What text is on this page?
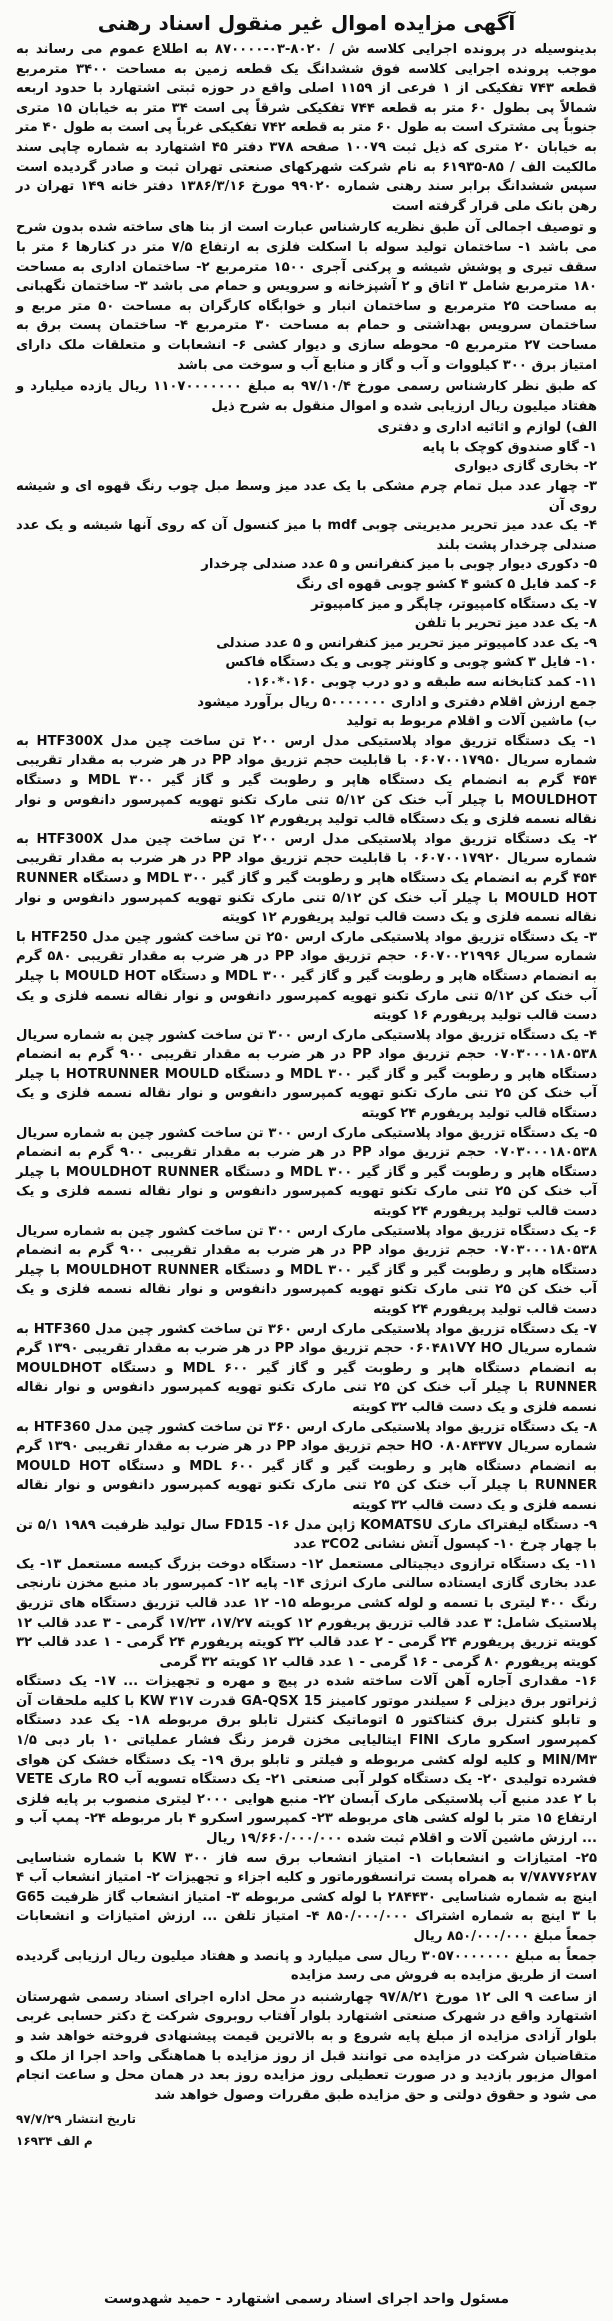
آگهی مزایده اموال غیر منقول اسناد رهنی

بدینوسیله در پرونده اجرایی کلاسه ش / ۸۰۲۰-۰۳-۸۷۰۰۰۰ به اطلاع عموم می رساند به موجب پرونده اجرایی کلاسه فوق ششدانگ یک قطعه زمین به مساحت ۳۴۰۰ مترمربع قطعه ۷۴۳ تفکیکی از ۱ فرعی از ۱۱۵۹ اصلی واقع در حوزه ثبتی اشتهارد با حدود اربعه شمالاً پی بطول ۶۰ متر به قطعه ۷۴۴ تفکیکی شرقاً پی است ۳۴ متر به خیابان ۱۵ متری جنوباً پی مشترک است به طول ۶۰ متر به قطعه ۷۴۲ تفکیکی غرباً پی است به طول ۴۰ متر به خیابان ۲۰ متری که ذیل ثبت ۱۰۰۷۹ صفحه ۳۷۸ دفتر ۴۵ اشتهارد به شماره چاپی سند مالکیت الف / ۸۵-۶۱۹۳۵ به نام شرکت شهرکهای صنعتی تهران ثبت و صادر گردیده است سپس ششدانگ برابر سند رهنی شماره ۹۹۰۲۰ مورخ ۱۳۸۶/۳/۱۶ دفتر خانه ۱۴۹ تهران در رهن بانک ملی قرار گرفته است

و توصیف اجمالی آن طبق نظریه کارشناس عبارت است از بنا های ساخته شده بدون شرح می باشد ۱- ساختمان تولید سوله با اسکلت فلزی به ارتفاع ۷/۵ متر در کنارها ۶ متر با سقف تیری و پوشش شیشه و پرکنی آجری ۱۵۰۰ مترمربع ۲- ساختمان اداری به مساحت ۱۸۰ مترمربع شامل ۳ اتاق و ۲ آشپزخانه و سرویس و حمام می باشد ۳- ساختمان نگهبانی به مساحت ۲۵ مترمربع و ساختمان انبار و خوابگاه کارگران به مساحت ۵۰ متر مربع و ساختمان سرویس بهداشتی و حمام به مساحت ۳۰ مترمربع ۴- ساختمان پست برق به مساحت ۲۷ مترمربع ۵- محوطه سازی و دیوار کشی ۶- انشعابات و متعلقات ملک دارای امتیاز برق ۳۰۰ کیلووات و آب و گاز و منابع آب و سوخت می باشد

که طبق نظر کارشناس رسمی مورخ ۹۷/۱۰/۴ به مبلغ ۱۱۰۷۰۰۰۰۰۰۰ ریال یازده میلیارد و هفتاد میلیون ریال ارزیابی شده و اموال منقول به شرح ذیل

الف) لوازم و اثاثیه اداری و دفتری
۱- گاو صندوق کوچک با پایه
۲- بخاری گازی دیواری
۳- چهار عدد مبل تمام چرم مشکی با یک عدد میز وسط مبل چوب رنگ قهوه ای و شیشه روی آن
۴- یک عدد میز تحریر مدیریتی چوبی mdf با میز کنسول آن که روی آنها شیشه و یک عدد صندلی چرخدار پشت بلند
۵- دکوری دیوار چوبی با میز کنفرانس و ۵ عدد صندلی چرخدار
۶- کمد فایل ۵ کشو ۴ کشو چوبی قهوه ای رنگ
۷- یک دستگاه کامپیوتر، چاپگر و میز کامپیوتر
۸- یک عدد میز تحریر با تلفن
۹- یک عدد کامپیوتر میز تحریر میز کنفرانس و ۵ عدد صندلی
۱۰- فایل ۳ کشو چوبی و کاونتر چوبی و یک دستگاه فاکس
۱۱- کمد کتابخانه سه طبقه و دو درب چوبی ۰۱۶۰*۰۱۶۰
جمع ارزش اقلام دفتری و اداری ۵۰۰۰۰۰۰۰ ریال برآورد میشود
ب) ماشین آلات و اقلام مربوط به تولید
۱- یک دستگاه تزریق مواد پلاستیکی مدل ارس ۲۰۰ تن ساخت چین مدل HTF300X به شماره سریال ۰۶۰۷۰۰۱۷۹۵۰ با قابلیت حجم تزریق مواد PP در هر ضرب به مقدار تقریبی ۴۵۴ گرم به انضمام یک دستگاه هاپر و رطوبت گیر و گاز گیر MDL ۳۰۰ و دستگاه MOULDHOT با چیلر آب خنک کن ۵/۱۲ تنی مارک تکنو تهویه کمپرسور دانفوس و نوار نقاله نسمه فلزی و یک دستگاه قالب تولید پریفورم ۱۲ کویته
۲- یک دستگاه تزریق مواد پلاستیکی مدل ارس ۲۰۰ تن ساخت چین مدل HTF300X به شماره سریال ۰۶۰۷۰۰۱۷۹۲۰ با قابلیت حجم تزریق مواد PP در هر ضرب به مقدار تقریبی ۴۵۴ گرم به انضمام یک دستگاه هاپر و رطوبت گیر و گاز گیر MDL ۳۰۰ و دستگاه RUNNER MOULD HOT با چیلر آب خنک کن ۵/۱۲ تنی مارک تکنو تهویه کمپرسور دانفوس و نوار نقاله نسمه فلزی و یک دست قالب تولید پریفورم ۱۲ کویته
۳- یک دستگاه تزریق مواد پلاستیکی مارک ارس ۲۵۰ تن ساخت کشور چین مدل HTF250 با شماره سریال ۰۶۰۷۰۰۲۱۹۹۶ حجم تزریق مواد PP در هر ضرب به مقدار تقریبی ۵۸۰ گرم به انضمام دستگاه هاپر و رطوبت گیر و گاز گیر MDL ۳۰۰ و دستگاه MOULD HOT با چیلر آب خنک کن ۵/۱۲ تنی مارک تکنو تهویه کمپرسور دانفوس و نوار نقاله نسمه فلزی و یک دست قالب تولید پریفورم ۱۶ کویته
۴- یک دستگاه تزریق مواد پلاستیکی مارک ارس ۳۰۰ تن ساخت کشور چین به شماره سریال ۰۷۰۳۰۰۰۱۸۰۵۳۸ حجم تزریق مواد PP در هر ضرب به مقدار تقریبی ۹۰۰ گرم به انضمام دستگاه هاپر و رطوبت گیر و گاز گیر MDL ۳۰۰ و دستگاه HOTRUNNER MOULD با چیلر آب خنک کن ۲۵ تنی مارک تکنو تهویه کمپرسور دانفوس و نوار نقاله نسمه فلزی و یک دستگاه قالب تولید پریفورم ۲۴ کویته
۵- یک دستگاه تزریق مواد پلاستیکی مارک ارس ۳۰۰ تن ساخت کشور چین به شماره سریال ۰۷۰۳۰۰۰۱۸۰۵۳۸ حجم تزریق مواد PP در هر ضرب به مقدار تقریبی ۹۰۰ گرم به انضمام دستگاه هاپر و رطوبت گیر و گاز گیر MDL ۳۰۰ و دستگاه MOULDHOT RUNNER با چیلر آب خنک کن ۲۵ تنی مارک تکنو تهویه کمپرسور دانفوس و نوار نقاله نسمه فلزی و یک دست قالب تولید پریفورم ۲۴ کویته
۶- یک دستگاه تزریق مواد پلاستیکی مارک ارس ۳۰۰ تن ساخت کشور چین به شماره سریال ۰۷۰۳۰۰۰۱۸۰۵۳۸ حجم تزریق مواد PP در هر ضرب به مقدار تقریبی ۹۰۰ گرم به انضمام دستگاه هاپر و رطوبت گیر و گاز گیر MDL ۳۰۰ و دستگاه MOULDHOT RUNNER با چیلر آب خنک کن ۲۵ تنی مارک تکنو تهویه کمپرسور دانفوس و نوار نقاله نسمه فلزی و یک دست قالب تولید پریفورم ۲۴ کویته
۷- یک دستگاه تزریق مواد پلاستیکی مارک ارس ۳۶۰ تن ساخت کشور چین مدل HTF360 به شماره سریال ۰۶۰۴۸۱VY HO حجم تزریق مواد PP در هر ضرب به مقدار تقریبی ۱۳۹۰ گرم به انضمام دستگاه هاپر و رطوبت گیر و گاز گیر MDL ۶۰۰ و دستگاه MOULDHOT RUNNER با چیلر آب خنک کن ۲۵ تنی مارک تکنو تهویه کمپرسور دانفوس و نوار نقاله نسمه فلزی و یک دست قالب ۳۲ کویته
۸- یک دستگاه تزریق مواد پلاستیکی مارک ارس ۳۶۰ تن ساخت کشور چین مدل HTF360 به شماره سریال ۰۸۰۸۴۳۷۷ HO حجم تزریق مواد PP در هر ضرب به مقدار تقریبی ۱۳۹۰ گرم به انضمام دستگاه هاپر و رطوبت گیر و گاز گیر MDL ۶۰۰ و دستگاه MOULD HOT RUNNER با چیلر آب خنک کن ۲۵ تنی مارک تکنو تهویه کمپرسور دانفوس و نوار نقاله نسمه فلزی و یک دست قالب ۳۲ کویته
۹- دستگاه لیفتراک مارک KOMATSU ژاپن مدل ۱۶- FD15 سال تولید ظرفیت ۱۹۸۹ ۵/۱ تن با چهار چرخ ۱۰- کپسول آتش نشانی ۳CO2 عدد
۱۱- یک دستگاه ترازوی دیجیتالی مستعمل ۱۲- دستگاه دوخت بزرگ کیسه مستعمل ۱۳- یک عدد بخاری گازی ایستاده سالنی مارک انرژی ۱۴- پایه ۱۲- کمپرسور باد منبع مخزن نارنجی رنگ ۴۰۰ لیتری با تسمه و لوله کشی مربوطه ۱۵- ۱۲ عدد قالب تزریق دستگاه های تزریق پلاستیک شامل: ۳ عدد قالب تزریق پریفورم ۱۲ کویته ۱۷/۲۷، ۱۷/۲۳ گرمی - ۳ عدد قالب ۱۲ کویته تزریق پریفورم ۲۴ گرمی - ۲ عدد قالب ۳۲ کویته پریفورم ۲۴ گرمی - ۱ عدد قالب ۳۲ کویته پریفورم ۸۰ گرمی - ۱۶ گرمی - ۱ عدد قالب ۱۲ کویته ۳۲ گرمی
۱۶- مقداری آجاره آهن آلات ساخته شده در پیچ و مهره و تجهیزات ... ۱۷- یک دستگاه ژنراتور برق دیزلی ۶ سیلندر موتور کامینز GA-QSX 15 قدرت ۳۱۷ KW با کلیه ملحقات آن و تابلو کنترل برق کنتاکتور ۵ اتوماتیک کنترل تابلو برق مربوطه ۱۸- یک عدد دستگاه کمپرسور اسکرو مارک FINI ایتالیایی مخزن قرمز رنگ فشار عملیاتی ۱۰ بار دبی ۱/۵ MIN/M۳ و کلیه لوله کشی مربوطه و فیلتر و تابلو برق ۱۹- یک دستگاه خشک کن هوای فشرده تولیدی ۲۰- یک دستگاه کولر آبی صنعتی ۲۱- یک دستگاه تسویه آب RO مارک VETE با ۲ عدد منبع آب پلاستیکی مارک آبسان ۲۲- منبع هوایی ۲۰۰۰ لیتری منصوب بر پایه فلزی ارتفاع ۱۵ متر با لوله کشی های مربوطه ۲۳- کمپرسور اسکرو ۴ بار مربوطه ۲۴- پمپ آب و ... ارزش ماشین آلات و اقلام ثبت شده ۱۹/۶۶۰/۰۰۰/۰۰۰ ریال
۲۵- امتیازات و انشعابات ۱- امتیاز انشعاب برق سه فاز ۳۰۰ KW با شماره شناسایی ۷/۷۸۷۷۶۲۸۷ به همراه پست ترانسفورماتور و کلیه اجزاء و تجهیزات ۲- امتیاز انشعاب آب ۴ اینچ به شماره شناسایی ۲۸۴۴۳۰ با لوله کشی مربوطه ۳- امتیاز انشعاب گاز ظرفیت G65 با ۳ اینچ به شماره اشتراک ۸۵۰/۰۰۰/۰۰۰ ۴- امتیاز تلفن ... ارزش امتیازات و انشعابات جمعاً مبلغ ۸۵۰/۰۰۰/۰۰۰ ریال

جمعاً به مبلغ ۳۰۵۷۰۰۰۰۰۰۰ ریال سی میلیارد و پانصد و هفتاد میلیون ریال ارزیابی گردیده است از طریق مزایده به فروش می رسد مزایده

از ساعت ۹ الی ۱۲ مورخ ۹۷/۸/۲۱ چهارشنبه در محل اداره اجرای اسناد رسمی شهرستان اشتهارد واقع در شهرک صنعتی اشتهارد بلوار آفتاب روبروی شرکت خ دکتر حسابی غربی بلوار آزادی مزایده از مبلغ پایه شروع و به بالاترین قیمت پیشنهادی فروخته خواهد شد و متقاضیان شرکت در مزایده می توانند قبل از روز مزایده با هماهنگی واحد اجرا از ملک و اموال مزبور بازدید و در صورت تعطیلی روز مزایده روز بعد در همان محل و ساعت انجام می شود و حقوق دولتی و حق مزایده طبق مقررات وصول خواهد شد

تاریخ انتشار ۹۷/۷/۲۹
م الف ۱۶۹۳۴
مسئول واحد اجرای اسناد رسمی اشتهارد - حمید شهدوست
